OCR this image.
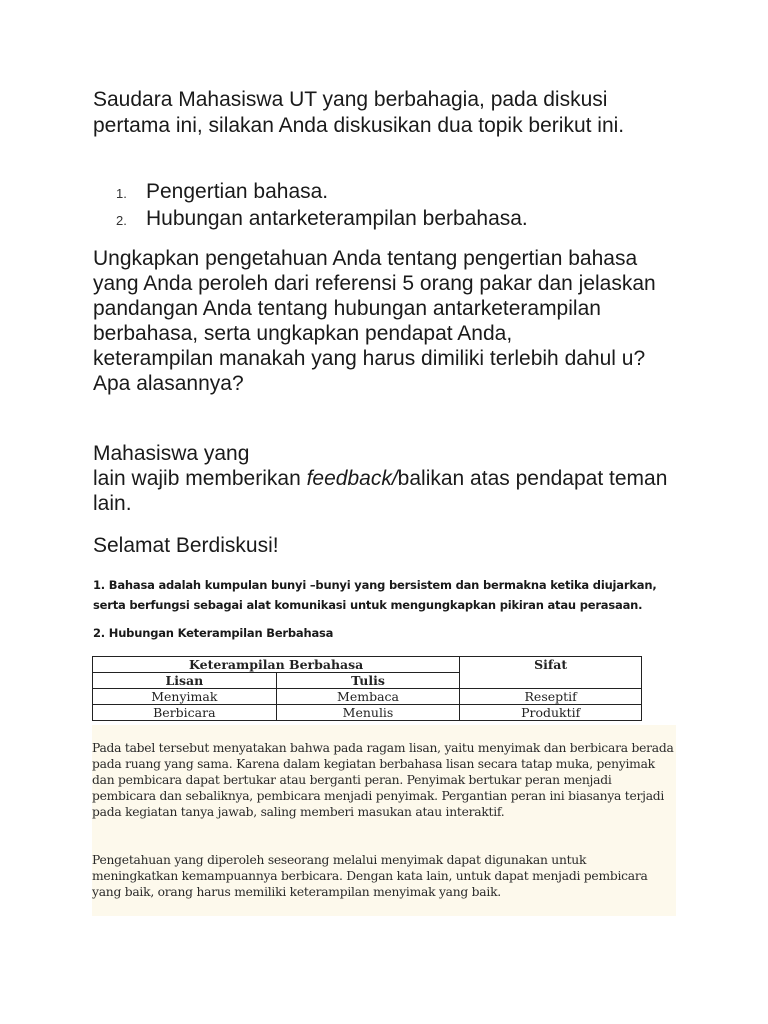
Saudara Mahasiswa UT yang berbahagia, pada diskusi pertama ini, silakan Anda diskusikan dua topik berikut ini.

1. Pengertian bahasa.
2. Hubungan antarketerampilan berbahasa.

Ungkapkan pengetahuan Anda tentang pengertian bahasa yang Anda peroleh dari referensi 5 orang pakar dan jelaskan pandangan Anda tentang hubungan antarketerampilan berbahasa, serta ungkapkan pendapat Anda,
keterampilan manakah yang harus dimiliki terlebih dahul u? Apa alasannya?

Mahasiswa yang
lain wajib memberikan feedback/balikan atas pendapat teman lain.

Selamat Berdiskusi!

1. Bahasa adalah kumpulan bunyi –bunyi yang bersistem dan bermakna ketika diujarkan, serta berfungsi sebagai alat komunikasi untuk mengungkapkan pikiran atau perasaan.

2. Hubungan Keterampilan Berbahasa

Keterampilan Berbahasa		Sifat
Lisan	Tulis	
Menyimak	Membaca	Reseptif
Berbicara	Menulis	Produktif

Pada tabel tersebut menyatakan bahwa pada ragam lisan, yaitu menyimak dan berbicara berada pada ruang yang sama. Karena dalam kegiatan berbahasa lisan secara tatap muka, penyimak dan pembicara dapat bertukar atau berganti peran. Penyimak bertukar peran menjadi pembicara dan sebaliknya, pembicara menjadi penyimak. Pergantian peran ini biasanya terjadi pada kegiatan tanya jawab, saling memberi masukan atau interaktif.

Pengetahuan yang diperoleh seseorang melalui menyimak dapat digunakan untuk meningkatkan kemampuannya berbicara. Dengan kata lain, untuk dapat menjadi pembicara yang baik, orang harus memiliki keterampilan menyimak yang baik.
